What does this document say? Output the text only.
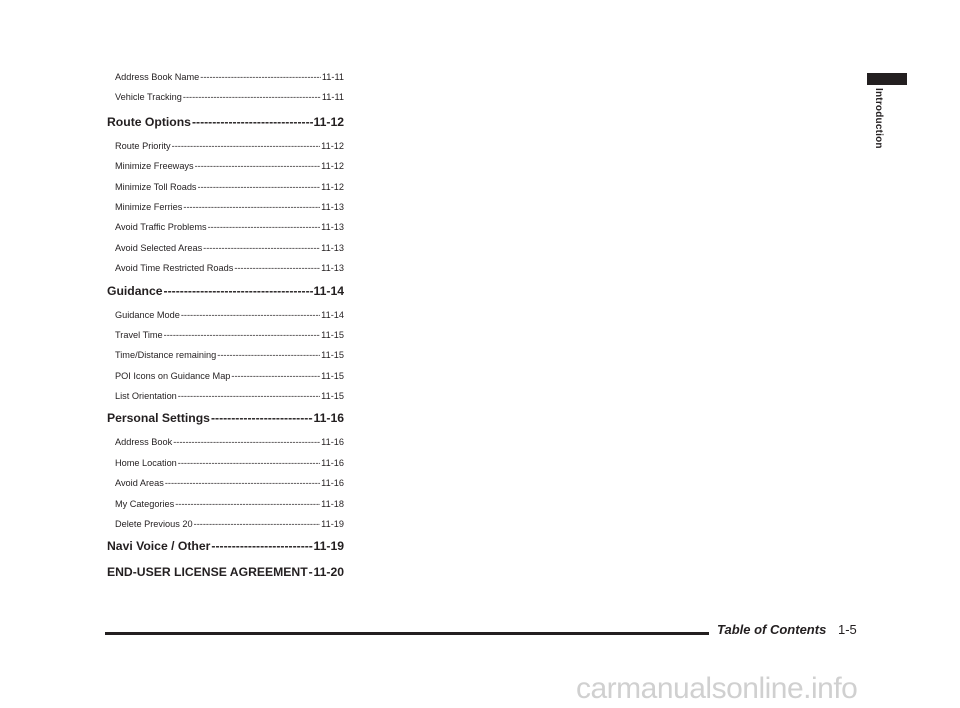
Address Book Name -----	11-11
Vehicle Tracking -----	11-11
Route Options -----	11-12
Route Priority -----	11-12
Minimize Freeways -----	11-12
Minimize Toll Roads -----	11-12
Minimize Ferries -----	11-13
Avoid Traffic Problems -----	11-13
Avoid Selected Areas -----	11-13
Avoid Time Restricted Roads -----	11-13
Guidance -----	11-14
Guidance Mode -----	11-14
Travel Time -----	11-15
Time/Distance remaining -----	11-15
POI Icons on Guidance Map -----	11-15
List Orientation -----	11-15
Personal Settings -----	11-16
Address Book -----	11-16
Home Location -----	11-16
Avoid Areas -----	11-16
My Categories -----	11-18
Delete Previous 20 -----	11-19
Navi Voice / Other -----	11-19
END-USER LICENSE AGREEMENT ----- 11-20
Introduction
Table of Contents 1-5
carmanualsonline.info
